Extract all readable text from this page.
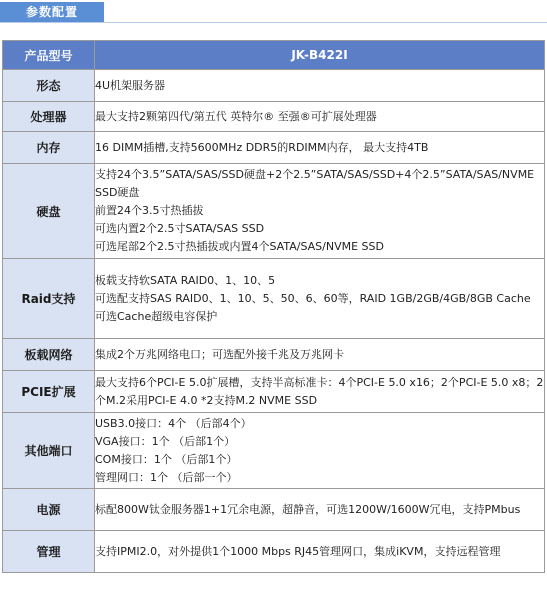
参数配置
产品型号	JK-B422I
形态	4U机架服务器

处理器	最大支持2颗第四代/第五代 英特尔® 至强®可扩展处理器

内存	16 DIMM插槽,支持5600MHz DDR5的RDIMM内存， 最大支持4TB

硬盘	支持24个3.5”SATA/SAS/SSD硬盘+2个2.5”SATA/SAS/SSD+4个2.5”SATA/SAS/NVME SSD硬盘
前置24个3.5寸热插拔
可选内置2个2.5寸SATA/SAS SSD
可选尾部2个2.5寸热插拔或内置4个SATA/SAS/NVME SSD

Raid支持	板载支持软SATA RAID0、1、10、5
可选配支持SAS RAID0、1、10、5、50、6、60等，RAID 1GB/2GB/4GB/8GB Cache
可选Cache超级电容保护

板载网络	集成2个万兆网络电口；可选配外接千兆及万兆网卡

PCIE扩展	最大支持6个PCI-E 5.0扩展槽，支持半高标准卡：4个PCI-E 5.0 x16；2个PCI-E 5.0 x8；2个M.2采用PCI-E 4.0 *2支持M.2 NVME SSD

其他端口	USB3.0接口：4个 （后部4个）
VGA接口：1个 （后部1个）
COM接口：1个 （后部1个）
管理网口：1个 （后部一个）

电源	标配800W钛金服务器1+1冗余电源，超静音，可选1200W/1600W冗电，支持PMbus

管理	支持IPMI2.0，对外提供1个1000 Mbps RJ45管理网口，集成iKVM，支持远程管理
